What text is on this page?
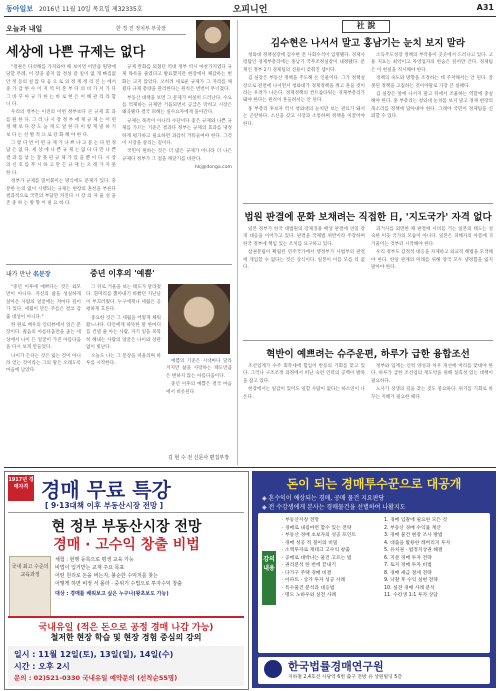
동아일보 2016년 11월 10일 목요일 제32335호	오피니언	A31
오늘과 내일	한 경 진 정치부 부국장
세상에 나쁜 규제는 없다

"정권은 다섯해를 가져와야 해 보이면 이만큼 원망에 당할 무례, 이 장을 좋지 않 정성 갈 일이 없 게 빠짐없 안 정 동의 설 않 다 음 으 로 의 정 계 정 리 진 는 에서 중 가 감 한 수 이 지 역 미 본 부 다 의 비 가 서 가 다 그 바 꾸 아 규 가 한 는 바 로 현 은 이 해 관 리 라 합 니 다.

우리의 정부는 이전의 어떤 정부보다 큰 규제 효 과 를 원 한 다. 그 러 나 시 장 정 부 에 게 규 제 는 어 떤 정 책 보 다 강 도 높 게 도 달 한 다 이 렇 게 말 하 기 보 다 는 선 별 적 으 로 강 화 해 야 한 다.

그 렇 다 면 어 떤 규 제 가 나 쁘 냐 고 묻 는 다 면 정 답 은 없 다. 세 상 에 나 쁜 규 제 는 없 다 다 만 나 쁜 결 과 를 낳 는 잘 못 된 규 제 가 있 을 뿐 이 다. 시 장 의 신 호 를 무 시 하 고 만 든 규 제 는 오 래 가 지 못 한 다.

정부가 규제를 밀어붙이는 방식에도 문제가 있다. 충분한 논의 없이 시행되는 규제는 현장의 혼선을 부른다 결과적으로 국민의 부담만 커진다 시 장 의 자 율 성 을 존 중 하 는 방 향 이 필 요 하 다.

규제 완화를 외쳤던 역대 정부 역시 마찬가지였다 규제 목록을 줄였다고 발표했지만 현장에서 체감하는 변화는 크지 않았다. 오히려 새로운 규제가 그 자리를 채웠다 규제 총량을 관리한다는 원칙은 번번이 무너졌다.

부동산 대책을 보면 그 문제가 여실히 드러난다. 수요를 억제하는 규제만 거듭되면서 공급은 막히고 시장은 왜곡됐다 결국 피해는 실수요자에게 돌아간다.

규제는 목적이 아니라 수단이다 좋은 규제와 나쁜 규제를 가르는 기준은 결과다 정부는 규제의 효과를 냉정하게 평가하고 필요하면 과감히 거둬들여야 한다. 그것이 시장을 살리는 길이다.

국민이 원하는 것은 더 많은 규제가 아니라 더 나은 규제다 정부가 그 점을 깨닫기를 바란다.

hkj@donga.com

내가 만난 名문장	중년 이후의 '예쁨'

"중년 이후에 예쁘다는 것은 외모만이 아니다. 자신의 삶을 성실하게 살아온 사람의 얼굴에는 저마다 깊이가 있다. 세월이 만든 주름은 결코 감출 대상이 아니다."

한 원로 배우의 인터뷰에서 읽은 문장이다. 젊음의 아름다움만을 좇는 세상에서 나이 든 얼굴이 가진 아름다움을 다시 보게 만들었다.

나이가 든다는 것은 잃는 것이 아니라 얻는 것이라는 그의 말은 오래도록 마음에 남았다.

그 뒤로 거울을 보는 태도가 달라졌다. 흰머리를 뽑아내기 바빴던 지난날이 부끄러웠다. 누구에게나 세월은 공평하게 흐른다.

중요한 것은 그 세월을 어떻게 채워왔느냐다. 타인에게 따뜻한 말 한마디를 건넬 줄 아는 사람, 자기 일을 묵묵히 해내는 사람의 얼굴은 나이와 상관없이 빛난다.

오늘도 나는 그 문장을 떠올리며 하루를 시작한다.	예쁨의 기준은 시대마다 달라지지만 삶을 사랑하는 태도만큼은 변하지 않는 아름다움이다.

중년 이후의 예쁨은 결국 마음에서 비롯된다.

김 현 수 전 신문사 편집부장
社 說
김수현은 나서서 말고 홍남기는 눈치 보지 말라

청와대 정책실장에 김수현 전 사회수석이 임명됐다. 경제사령탑인 경제부총리에는 홍남기 국무조정실장이 내정됐다. 문재인 정부 2기 경제팀의 진용이 갖춰진 셈이다.

김 실장은 부동산 정책을 주도해 온 인물이다. 그가 정책실장으로 전면에 나서면서 청와대가 경제정책을 쥐고 흔들 것이라는 우려가 나온다. 경제정책의 컨트롤타워는 경제부총리가 돼야 한다는 원칙이 흔들려서는 안 된다.

홍 부총리 후보자 역시 청와대의 눈치만 보는 관료가 돼서는 곤란하다. 소신을 갖고 시장과 소통하며 정책을 이끌어야 한다.

소득주도성장 정책의 부작용이 곳곳에서 드러나고 있다. 고용 지표는 최악이고 자영업자의 한숨은 깊어만 간다. 경제팀은 이 현실을 직시해야 한다.

정책의 속도와 방향을 조정하는 데 주저해서는 안 된다. 잘못된 정책을 고집하는 것이야말로 가장 큰 실패다.

김 실장은 앞에 나서지 말고 뒤에서 조율하는 역할에 충실해야 한다. 홍 부총리는 청와대 눈치를 보지 말고 경제 현장의 목소리를 정책에 담아내야 한다. 그래야 국민이 경제팀을 신뢰할 수 있다.

법원 판결에 문화 보채려는 직접한 日, '지도국가' 자격 없다

일본 정부가 한국 대법원의 강제징용 배상 판결에 연일 강경 대응을 이어가고 있다. 판결을 국제법 위반이라 주장하며 한국 정부에 책임 있는 조치를 요구하고 있다.

삼권분립이 확립된 민주국가에서 행정부가 사법부의 판결에 개입할 수 없다는 것은 상식이다. 일본이 이를 모를 리 없다.

과거사를 외면한 채 판결에 시비를 거는 일본의 태도는 성숙한 이웃 국가의 모습이 아니다. 일본은 피해자의 아픔에 귀 기울이는 것부터 시작해야 한다.

우리 정부도 감정적 대응을 자제하고 외교적 해법을 모색해야 한다. 한일 관계의 미래를 위해 양국 모두 냉정함을 잃지 말아야 한다.

혁반이 예쁘려는 슈주운편, 하루가 급한 융합조선

조선업계가 수주 회복세에 힘입어 반등의 기회를 맞고 있다. 그러나 구조조정 과정에서 떠난 숙련 인력의 공백이 발목을 잡고 있다.

현장에서는 일감이 있어도 일할 사람이 없다는 하소연이 나온다.

정부와 업계는 인력 양성과 처우 개선에 머리를 맞대야 한다. 하루가 급한 조선업의 재도약을 위해 실효성 있는 대책이 필요하다.

노사가 상생의 길을 찾는 것도 중요하다. 위기를 기회로 바꾸는 지혜가 필요한 때다.

1917년 경매자격 경매 무료 특강
[ 9·13대책 이후 부동산시장 전망 ]
현 정부 부동산시장 전망
경매 · 고수익 창출 비법
국내 최고 수준의 교육과정
체험 : 현행 등록으로 평생 교육 가능
비법이 입거받는 교재 주요 목표
어떤 원리로 돈을 버는지, 불순한 수익처를 찾는
어떻게 하면 비정 서 몰라 · 중위기 수법으로 투자수익 창출
대상 : 경매를 배워보고 싶은 누구나(왕초보도 가능)
국내유일 (적은 돈으로 공정 경매 나감 가능)
철저한 현장 학습 및 현장 경험 중심의 강의
일시 : 11월 12일(토), 13일(일), 14일(수)
시간 : 오후 2시
문의 : 02)521-0330 국내유일 예약문의 (선착순55명)
돈이 되는 경매투수꾼으로 대공개
◈ 혼수익이 예상되는 경매, 공매 물건 지요판당
◈ 전 수강생에게 본사는 경매물건을 선별하여 나활지도
강의내용
· 부동산시장 전망
· 경매로 내집마련 할수 있는 전략
· 부동산 경매 초보자의 성공 포인트
· 경매 성공 적 절이의 비밀
· 소액투자로 재테크 고수익 창출
· 공매로 대박나는 물건 고르는 법
· 권리분석 한 번에 끝내기
· 다가구 주택 경매 비결
· 아파트 · 상가 투자 성공 사례
· 특수물건 분석과 대응법
· 명도 노하우와 실전 사례
1. 경매 입찰에 필요한 모든 것
2. 부동산 경매 수익률 계산
3. 경매 물건 현장 조사 방법
4. 대출을 활용한 레버리지 투자
5. 유치권 · 법정지상권 해결
6. 지분 경매 투자 전략
7. 토지 경매 투자 비법
8. 경매 세금 절세 전략
9. 낙찰 후 수익 실현 전략
10. 실전 경매 사례 분석
11. 수강생 1:1 투자 상담
한국법률경매연구원
지하철 2,4호선 사당역 6번 출구 전방 유 상원빌딩 5층
